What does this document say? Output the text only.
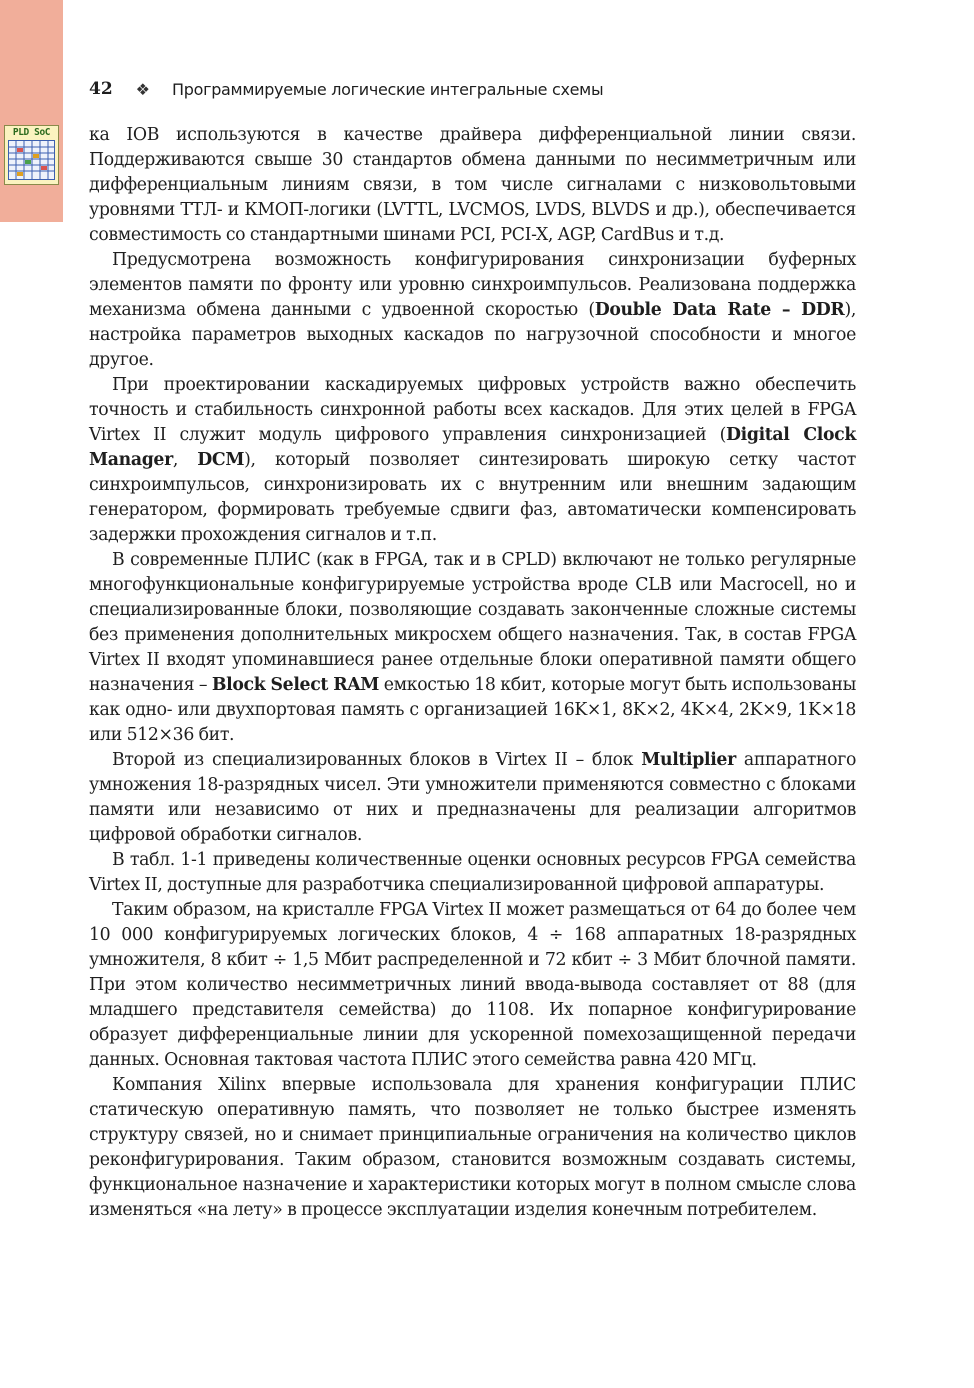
PLD SoC
42 ❖ Программируемые логические интегральные схемы

ка IOB используются в качестве драйвера дифференциальной линии связи. Поддерживаются свыше 30 стандартов обмена данными по несимметричным или дифференциальным линиям связи, в том числе сигналами с низковольтовыми уровнями ТТЛ- и КМОП-логики (LVTTL, LVCMOS, LVDS, BLVDS и др.), обеспечивается совместимость со стандартными шинами PCI, PCI-X, AGP, CardBus и т.д.

Предусмотрена возможность конфигурирования синхронизации буферных элементов памяти по фронту или уровню синхроимпульсов. Реализована поддержка механизма обмена данными с удвоенной скоростью (Double Data Rate – DDR), настройка параметров выходных каскадов по нагрузочной способности и многое другое.

При проектировании каскадируемых цифровых устройств важно обеспечить точность и стабильность синхронной работы всех каскадов. Для этих целей в FPGA Virtex II служит модуль цифрового управления синхронизацией (Digital Clock Manager, DCM), который позволяет синтезировать широкую сетку частот синхроимпульсов, синхронизировать их с внутренним или внешним задающим генератором, формировать требуемые сдвиги фаз, автоматически компенсировать задержки прохождения сигналов и т.п.

В современные ПЛИС (как в FPGA, так и в CPLD) включают не только регулярные многофункциональные конфигурируемые устройства вроде CLB или Macrocell, но и специализированные блоки, позволяющие создавать законченные сложные системы без применения дополнительных микросхем общего назначения. Так, в состав FPGA Virtex II входят упоминавшиеся ранее отдельные блоки оперативной памяти общего назначения – Block Select RAM емкостью 18 кбит, которые могут быть использованы как одно- или двухпортовая память с организацией 16K×1, 8K×2, 4K×4, 2K×9, 1K×18 или 512×36 бит.

Второй из специализированных блоков в Virtex II – блок Multiplier аппаратного умножения 18-разрядных чисел. Эти умножители применяются совместно с блоками памяти или независимо от них и предназначены для реализации алгоритмов цифровой обработки сигналов.

В табл. 1-1 приведены количественные оценки основных ресурсов FPGA семейства Virtex II, доступные для разработчика специализированной цифровой аппаратуры.

Таким образом, на кристалле FPGA Virtex II может размещаться от 64 до более чем 10 000 конфигурируемых логических блоков, 4 ÷ 168 аппаратных 18-разрядных умножителя, 8 кбит ÷ 1,5 Мбит распределенной и 72 кбит ÷ 3 Мбит блочной памяти. При этом количество несимметричных линий ввода-вывода составляет от 88 (для младшего представителя семейства) до 1108. Их попарное конфигурирование образует дифференциальные линии для ускоренной помехозащищенной передачи данных. Основная тактовая частота ПЛИС этого семейства равна 420 МГц.

Компания Xilinx впервые использовала для хранения конфигурации ПЛИС статическую оперативную память, что позволяет не только быстрее изменять структуру связей, но и снимает принципиальные ограничения на количество циклов реконфигурирования. Таким образом, становится возможным создавать системы, функциональное назначение и характеристики которых могут в полном смысле слова изменяться «на лету» в процессе эксплуатации изделия конечным потребителем.
